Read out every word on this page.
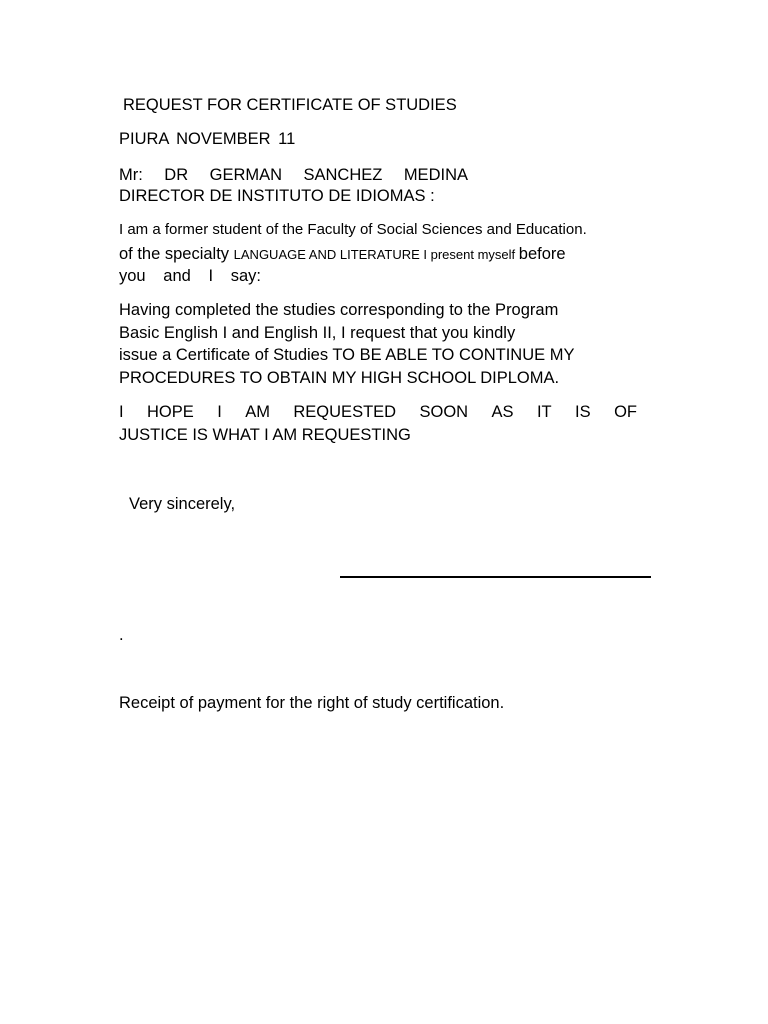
REQUEST FOR CERTIFICATE OF STUDIES
PIURA NOVEMBER 11
Mr: DR GERMAN SANCHEZ MEDINA
DIRECTOR DE INSTITUTO DE IDIOMAS :
I am a former student of the Faculty of Social Sciences and Education.
of the specialty LANGUAGE AND LITERATURE I present myself before
you and I say:
Having completed the studies corresponding to the Program
Basic English I and English II, I request that you kindly
issue a Certificate of Studies TO BE ABLE TO CONTINUE MY
PROCEDURES TO OBTAIN MY HIGH SCHOOL DIPLOMA.
I HOPE I AM REQUESTED SOON AS IT IS OF
JUSTICE IS WHAT I AM REQUESTING
Very sincerely,
.
Receipt of payment for the right of study certification.
